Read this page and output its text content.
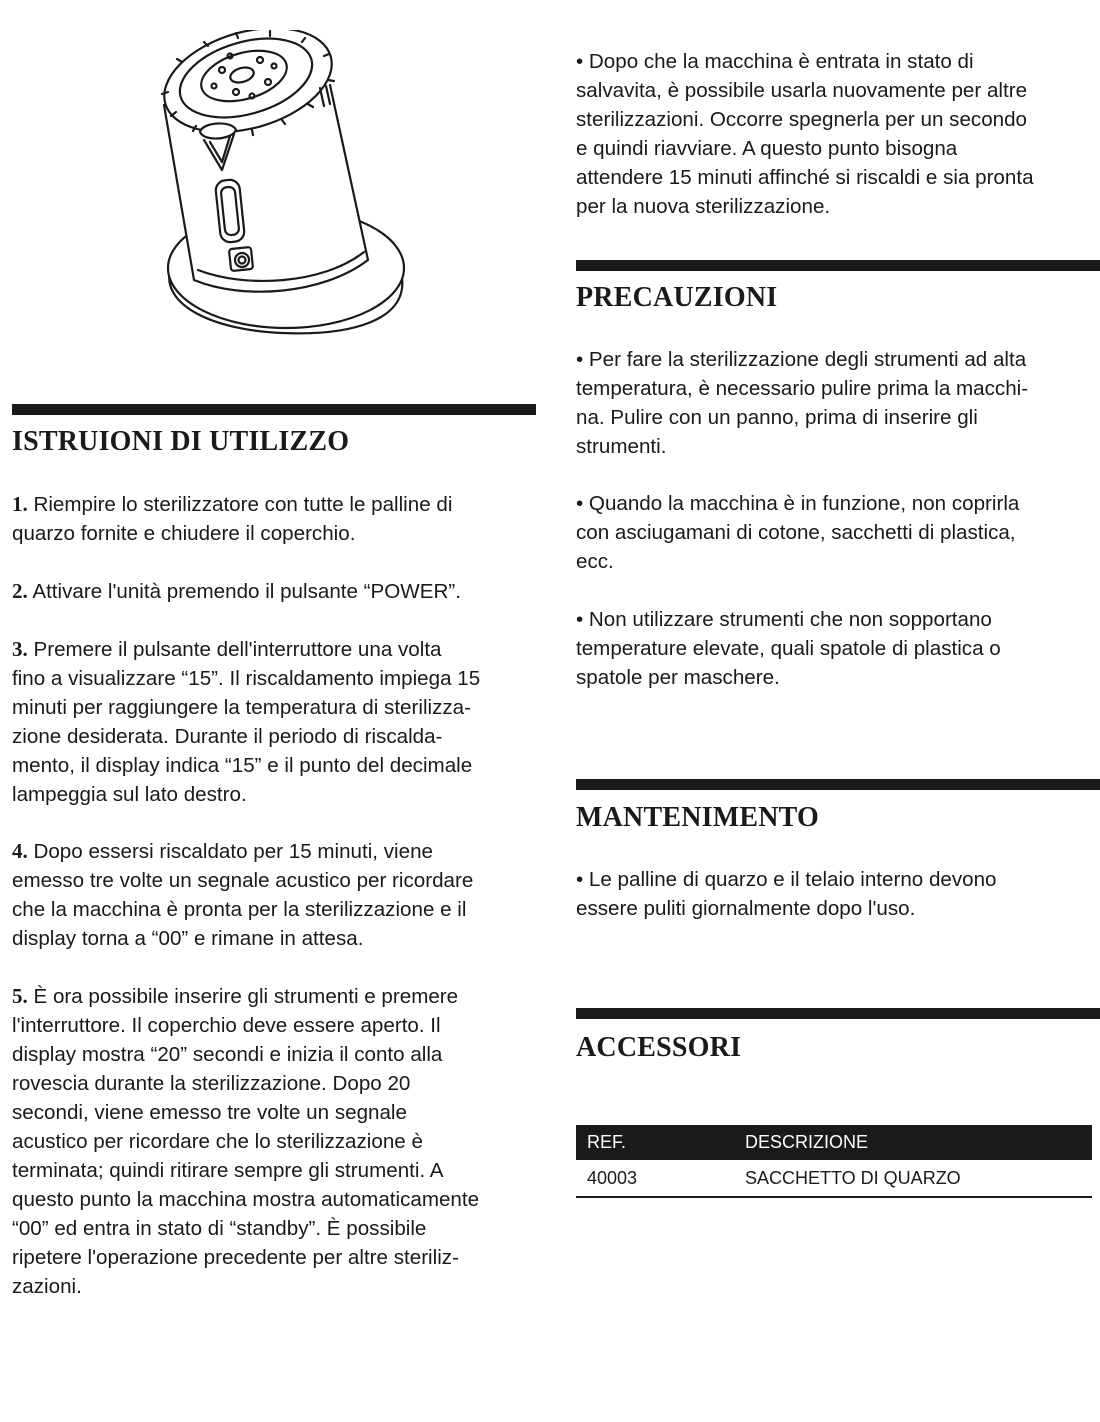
ISTRUIONI DI UTILIZZO

1. Riempire lo sterilizzatore con tutte le palline di
quarzo fornite e chiudere il coperchio.

2. Attivare l'unità premendo il pulsante “POWER”.

3. Premere il pulsante dell'interruttore una volta
fino a visualizzare “15”. Il riscaldamento impiega 15
minuti per raggiungere la temperatura di sterilizza-
zione desiderata. Durante il periodo di riscalda-
mento, il display indica “15” e il punto del decimale
lampeggia sul lato destro.

4. Dopo essersi riscaldato per 15 minuti, viene
emesso tre volte un segnale acustico per ricordare
che la macchina è pronta per la sterilizzazione e il
display torna a “00” e rimane in attesa.

5. È ora possibile inserire gli strumenti e premere
l'interruttore. Il coperchio deve essere aperto. Il
display mostra “20” secondi e inizia il conto alla
rovescia durante la sterilizzazione. Dopo 20
secondi, viene emesso tre volte un segnale
acustico per ricordare che lo sterilizzazione è
terminata; quindi ritirare sempre gli strumenti. A
questo punto la macchina mostra automaticamente
“00” ed entra in stato di “standby”. È possibile
ripetere l'operazione precedente per altre steriliz-
zazioni.

• Dopo che la macchina è entrata in stato di
salvavita, è possibile usarla nuovamente per altre
sterilizzazioni. Occorre spegnerla per un secondo
e quindi riavviare. A questo punto bisogna
attendere 15 minuti affinché si riscaldi e sia pronta
per la nuova sterilizzazione.

PRECAUZIONI

• Per fare la sterilizzazione degli strumenti ad alta
temperatura, è necessario pulire prima la macchi-
na. Pulire con un panno, prima di inserire gli
strumenti.

• Quando la macchina è in funzione, non coprirla
con asciugamani di cotone, sacchetti di plastica,
ecc.

• Non utilizzare strumenti che non sopportano
temperature elevate, quali spatole di plastica o
spatole per maschere.

MANTENIMENTO

• Le palline di quarzo e il telaio interno devono
essere puliti giornalmente dopo l'uso.

ACCESSORI
REF.	DESCRIZIONE
40003	SACCHETTO DI QUARZO
